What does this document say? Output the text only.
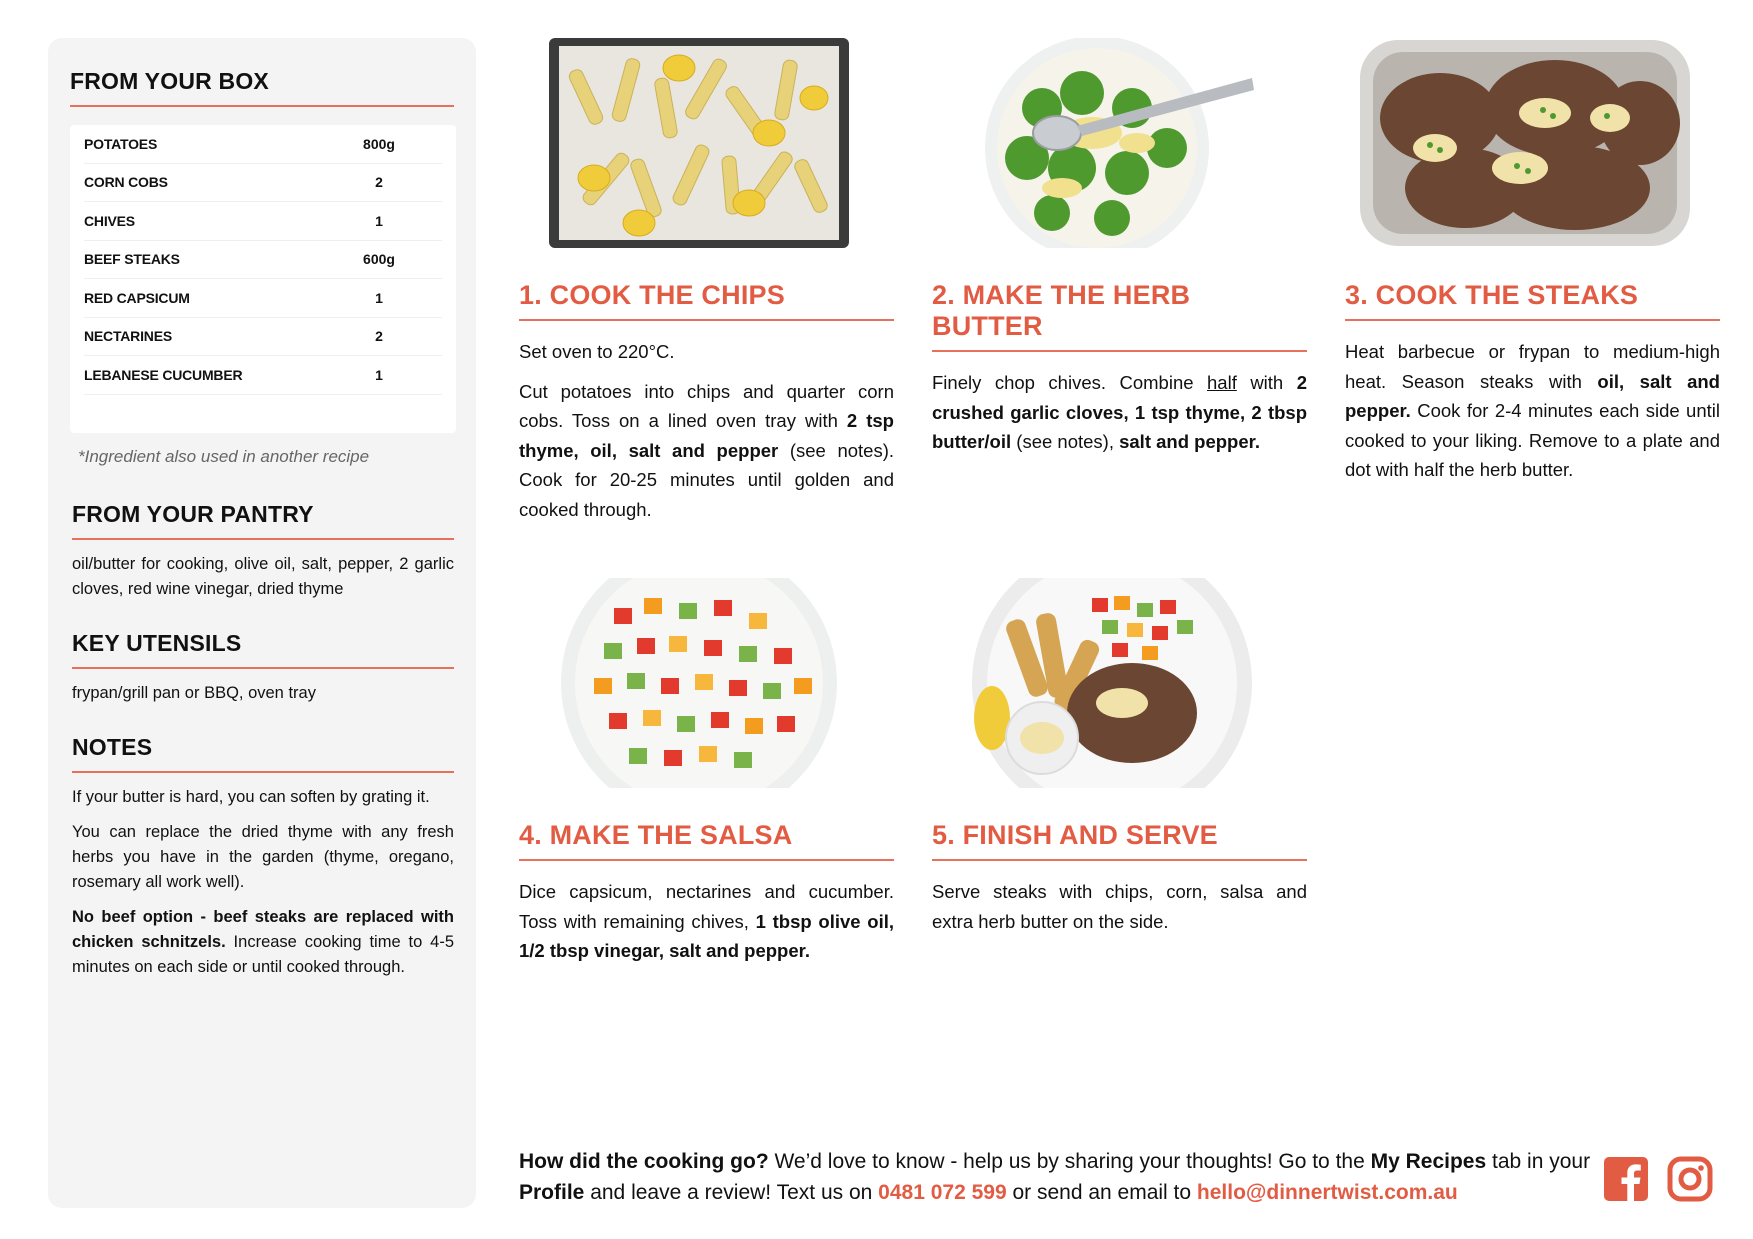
FROM YOUR BOX
POTATOES	800g
CORN COBS	2
CHIVES	1
BEEF STEAKS	600g
RED CAPSICUM	1
NECTARINES	2
LEBANESE CUCUMBER	1

*Ingredient also used in another recipe

FROM YOUR PANTRY

oil/butter for cooking, olive oil, salt, pepper, 2 garlic cloves, red wine vinegar, dried thyme

KEY UTENSILS

frypan/grill pan or BBQ, oven tray

NOTES

If your butter is hard, you can soften by grating it.

You can replace the dried thyme with any fresh herbs you have in the garden (thyme, oregano, rosemary all work well).

No beef option - beef steaks are replaced with chicken schnitzels. Increase cooking time to 4-5 minutes on each side or until cooked through.

1. COOK THE CHIPS

Set oven to 220°C.

Cut potatoes into chips and quarter corn cobs. Toss on a lined oven tray with 2 tsp thyme, oil, salt and pepper (see notes). Cook for 20-25 minutes until golden and cooked through.

2. MAKE THE HERB BUTTER

Finely chop chives. Combine half with 2 crushed garlic cloves, 1 tsp thyme, 2 tbsp butter/oil (see notes), salt and pepper.

3. COOK THE STEAKS

Heat barbecue or frypan to medium-high heat. Season steaks with oil, salt and pepper. Cook for 2-4 minutes each side until cooked to your liking. Remove to a plate and dot with half the herb butter.

4. MAKE THE SALSA

Dice capsicum, nectarines and cucumber. Toss with remaining chives, 1 tbsp olive oil, 1/2 tbsp vinegar, salt and pepper.

5. FINISH AND SERVE

Serve steaks with chips, corn, salsa and extra herb butter on the side.

How did the cooking go? We’d love to know - help us by sharing your thoughts! Go to the My Recipes tab in your Profile and leave a review! Text us on 0481 072 599 or send an email to hello@dinnertwist.com.au
